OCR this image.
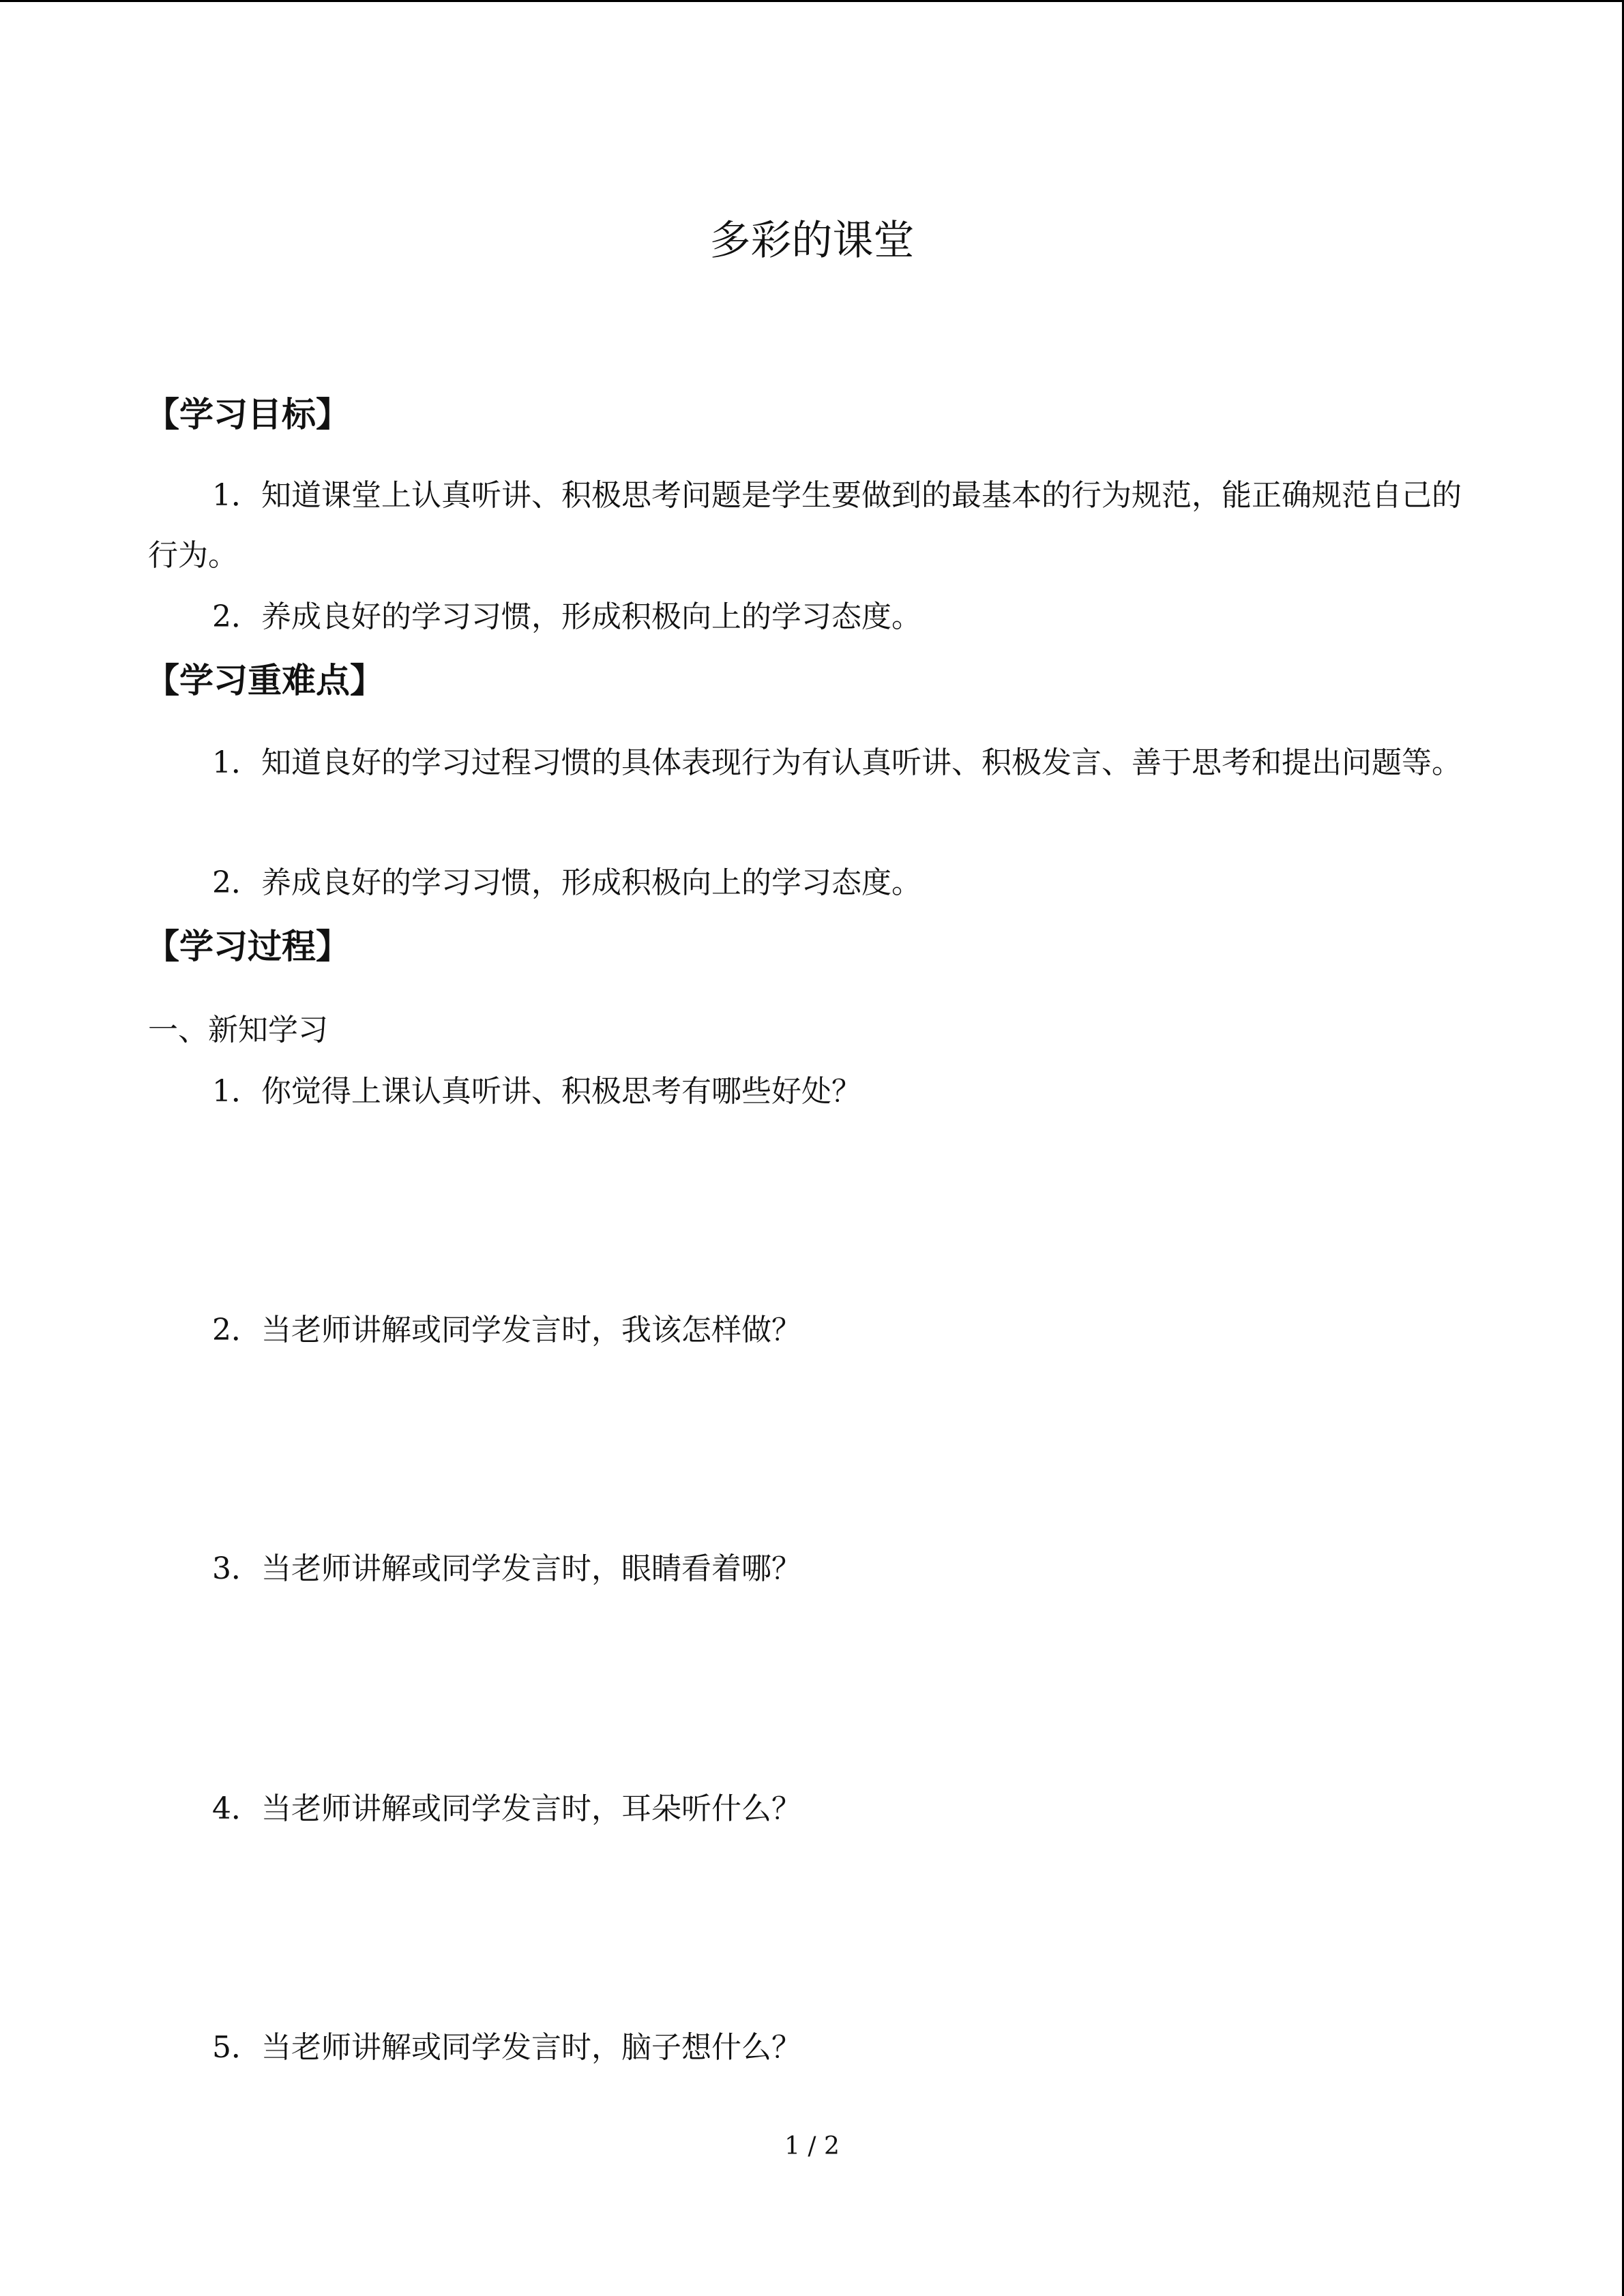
多彩的课堂
【学习目标】

1．知道课堂上认真听讲、积极思考问题是学生要做到的最基本的行为规范，能正确规范自己的行为。

2．养成良好的学习习惯，形成积极向上的学习态度。

【学习重难点】

1．知道良好的学习过程习惯的具体表现行为有认真听讲、积极发言、善于思考和提出问题等。

2．养成良好的学习习惯，形成积极向上的学习态度。

【学习过程】

一、新知学习

1．你觉得上课认真听讲、积极思考有哪些好处？

2．当老师讲解或同学发言时，我该怎样做？

3．当老师讲解或同学发言时，眼睛看着哪？

4．当老师讲解或同学发言时，耳朵听什么？

5．当老师讲解或同学发言时，脑子想什么？

1 / 2
